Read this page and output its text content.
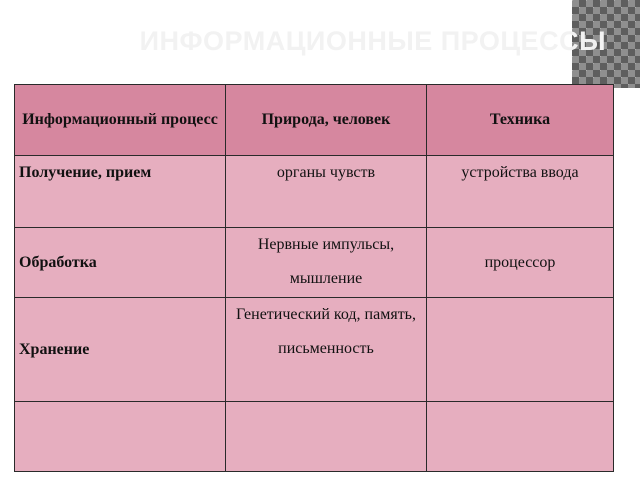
ИНФОРМАЦИОННЫЕ ПРОЦЕССЫ
Информационный процесс	Природа, человек	Техника
Получение, прием	органы чувств	устройства ввода
Обработка	Нервные импульсы, мышление	процессор
Хранение	Генетический код, память, письменность	
